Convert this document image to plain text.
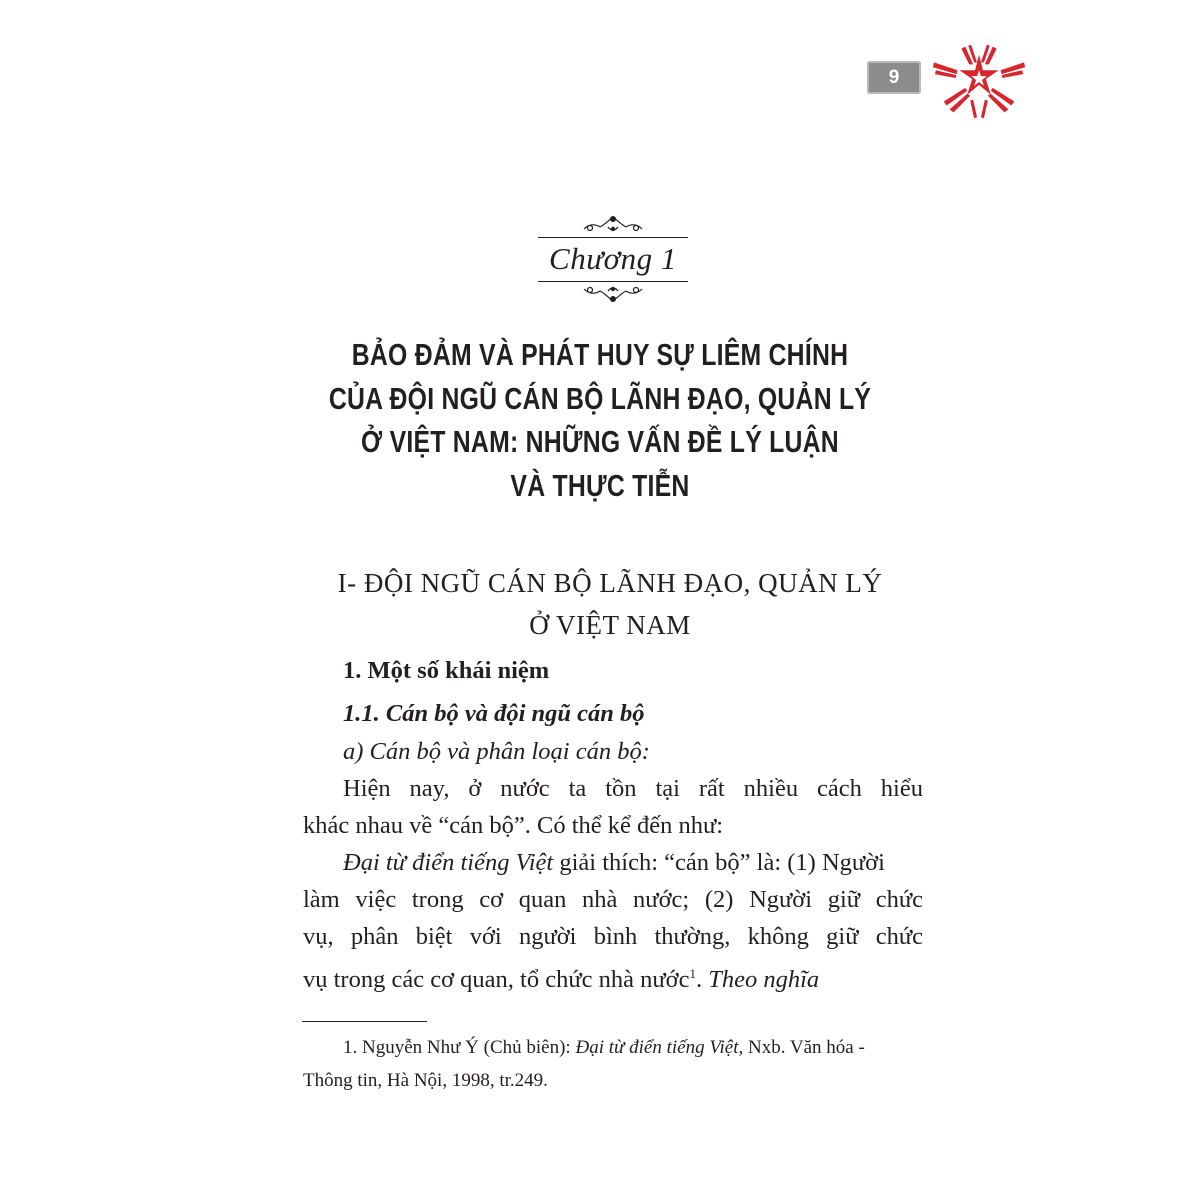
9
Chương 1
BẢO ĐẢM VÀ PHÁT HUY SỰ LIÊM CHÍNH
CỦA ĐỘI NGŨ CÁN BỘ LÃNH ĐẠO, QUẢN LÝ
Ở VIỆT NAM: NHỮNG VẤN ĐỀ LÝ LUẬN
VÀ THỰC TIỄN
I- ĐỘI NGŨ CÁN BỘ LÃNH ĐẠO, QUẢN LÝ
Ở VIỆT NAM
1. Một số khái niệm
1.1. Cán bộ và đội ngũ cán bộ
a) Cán bộ và phân loại cán bộ:
Hiện nay, ở nước ta tồn tại rất nhiều cách hiểu
khác nhau về “cán bộ”. Có thể kể đến như:
Đại từ điển tiếng Việt giải thích: “cán bộ” là: (1) Người
làm việc trong cơ quan nhà nước; (2) Người giữ chức
vụ, phân biệt với người bình thường, không giữ chức
vụ trong các cơ quan, tổ chức nhà nước$^1$. Theo nghĩa
1. Nguyễn Như Ý (Chủ biên): Đại từ điển tiếng Việt, Nxb. Văn hóa -
Thông tin, Hà Nội, 1998, tr.249.
